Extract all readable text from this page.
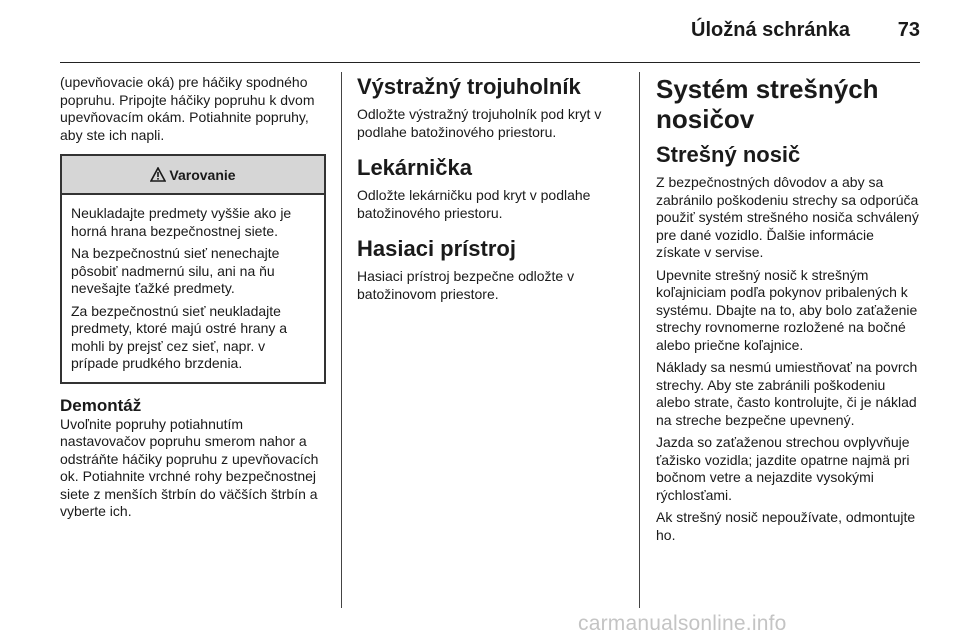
Úložná schránka 73

(upevňovacie oká) pre háčiky spodného popruhu. Pripojte háčiky popruhu k dvom upevňovacím okám. Potiahnite popruhy, aby ste ich napli.

Varovanie

Neukladajte predmety vyššie ako je horná hrana bezpečnostnej siete.

Na bezpečnostnú sieť nenechajte pôsobiť nadmernú silu, ani na ňu nevešajte ťažké predmety.

Za bezpečnostnú sieť neukladajte predmety, ktoré majú ostré hrany a mohli by prejsť cez sieť, napr. v prípade prudkého brzdenia.

Demontáž

Uvoľnite popruhy potiahnutím nastavovačov popruhu smerom nahor a odstráňte háčiky popruhu z upevňovacích ok. Potiahnite vrchné rohy bezpečnostnej siete z menších štrbín do väčších štrbín a vyberte ich.

Výstražný trojuholník

Odložte výstražný trojuholník pod kryt v podlahe batožinového priestoru.

Lekárnička

Odložte lekárničku pod kryt v podlahe batožinového priestoru.

Hasiaci prístroj

Hasiaci prístroj bezpečne odložte v batožinovom priestore.

Systém strešných nosičov
Strešný nosič

Z bezpečnostných dôvodov a aby sa zabránilo poškodeniu strechy sa odporúča použiť systém strešného nosiča schválený pre dané vozidlo. Ďalšie informácie získate v servise.

Upevnite strešný nosič k strešným koľajniciam podľa pokynov pribalených k systému. Dbajte na to, aby bolo zaťaženie strechy rovnomerne rozložené na bočné alebo priečne koľajnice.

Náklady sa nesmú umiestňovať na povrch strechy. Aby ste zabránili poškodeniu alebo strate, často kontrolujte, či je náklad na streche bezpečne upevnený.

Jazda so zaťaženou strechou ovplyvňuje ťažisko vozidla; jazdite opatrne najmä pri bočnom vetre a nejazdite vysokými rýchlosťami.

Ak strešný nosič nepoužívate, odmontujte ho.

carmanualsonline.info
